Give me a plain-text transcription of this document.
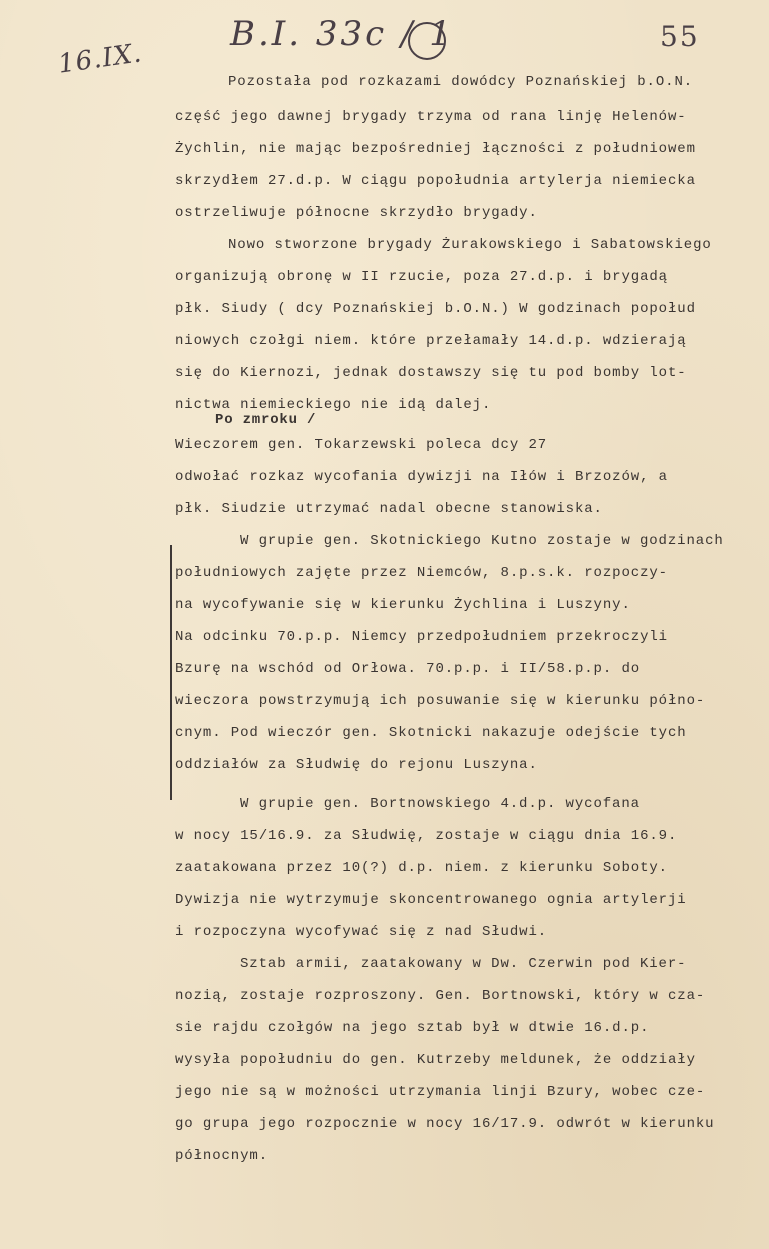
B.I. 33c / 1	55
16.IX.
Po zmroku /
Pozostała pod rozkazami dowódcy Poznańskiej b.O.N.
część jego dawnej brygady trzyma od rana linję Helenów-
Żychlin, nie mając bezpośredniej łączności z południowem
skrzydłem 27.d.p. W ciągu popołudnia artylerja niemiecka
ostrzeliwuje północne skrzydło brygady.
Nowo stworzone brygady Żurakowskiego i Sabatowskiego
organizują obronę w II rzucie, poza 27.d.p. i brygadą
płk. Siudy ( dcy Poznańskiej b.O.N.) W godzinach popołud
niowych czołgi niem. które przełamały 14.d.p. wdzierają
się do Kiernozi, jednak dostawszy się tu pod bomby lot-
nictwa niemieckiego nie idą dalej.
Wieczorem gen. Tokarzewski poleca dcy 27
odwołać rozkaz wycofania dywizji na Iłów i Brzozów, a
płk. Siudzie utrzymać nadal obecne stanowiska.
W grupie gen. Skotnickiego Kutno zostaje w godzinach
południowych zajęte przez Niemców, 8.p.s.k. rozpoczy-
na wycofywanie się w kierunku Żychlina i Luszyny.
Na odcinku 70.p.p. Niemcy przedpołudniem przekroczyli
Bzurę na wschód od Orłowa. 70.p.p. i II/58.p.p. do
wieczora powstrzymują ich posuwanie się w kierunku półno-
cnym. Pod wieczór gen. Skotnicki nakazuje odejście tych
oddziałów za Słudwię do rejonu Luszyna.
W grupie gen. Bortnowskiego 4.d.p. wycofana
w nocy 15/16.9. za Słudwię, zostaje w ciągu dnia 16.9.
zaatakowana przez 10(?) d.p. niem. z kierunku Soboty.
Dywizja nie wytrzymuje skoncentrowanego ognia artylerji
i rozpoczyna wycofywać się z nad Słudwi.
Sztab armii, zaatakowany w Dw. Czerwin pod Kier-
nozią, zostaje rozproszony. Gen. Bortnowski, który w cza-
sie rajdu czołgów na jego sztab był w dtwie 16.d.p.
wysyła popołudniu do gen. Kutrzeby meldunek, że oddziały
jego nie są w możności utrzymania linji Bzury, wobec cze-
go grupa jego rozpocznie w nocy 16/17.9. odwrót w kierunku
północnym.
